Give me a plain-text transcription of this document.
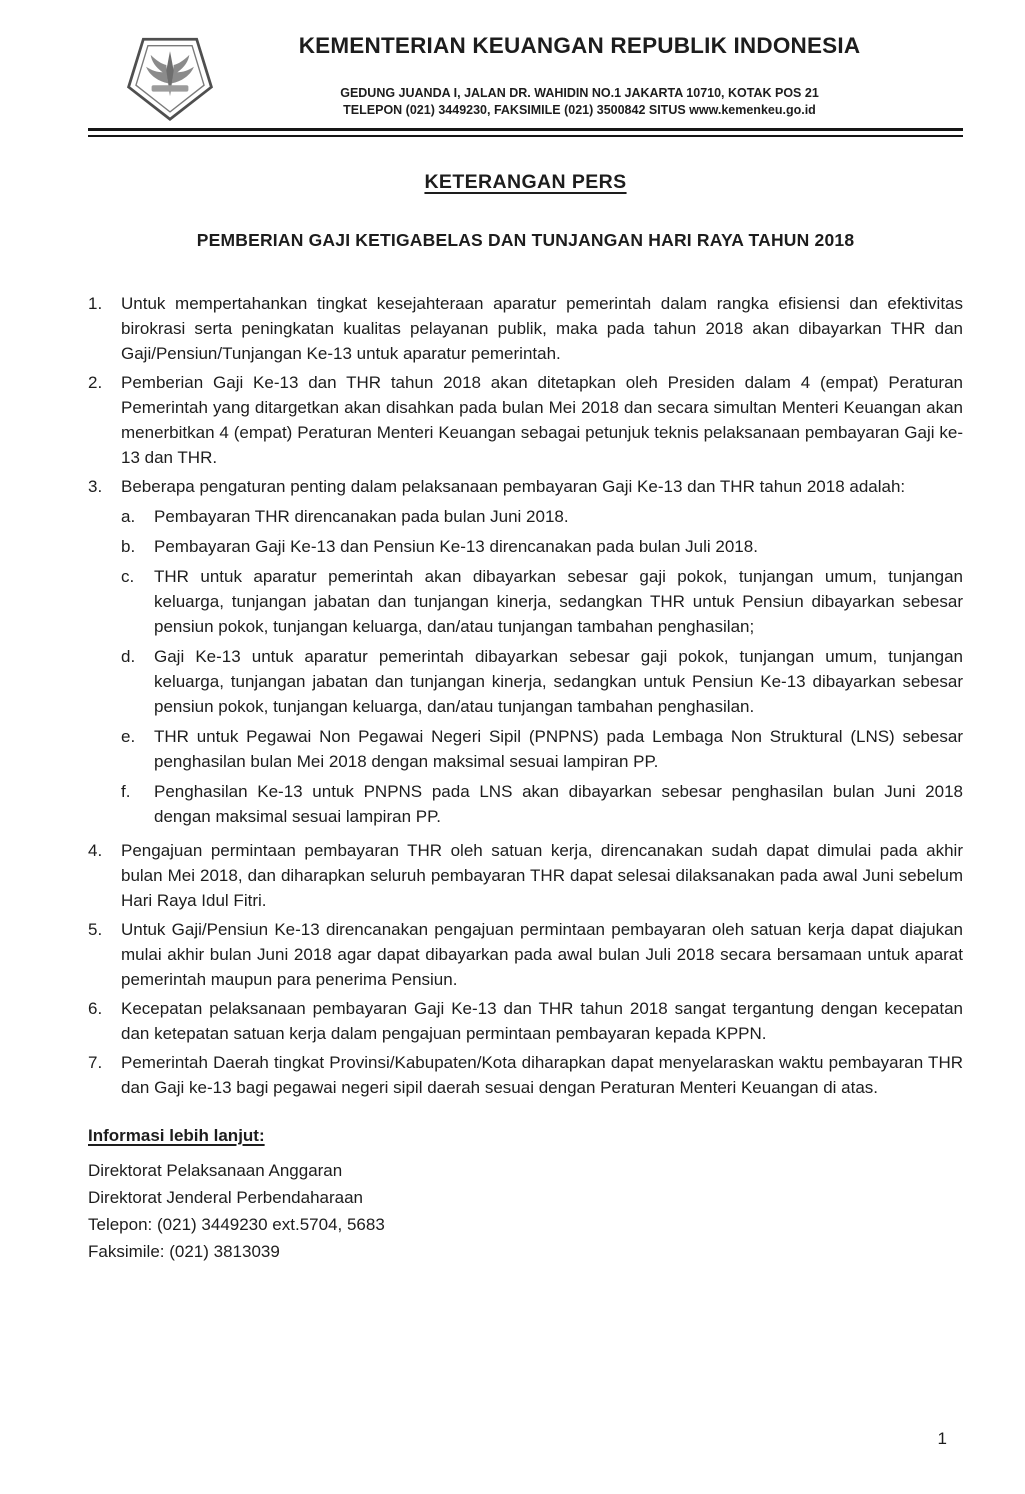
KEMENTERIAN KEUANGAN REPUBLIK INDONESIA

GEDUNG JUANDA I, JALAN DR. WAHIDIN NO.1 JAKARTA 10710, KOTAK POS 21

TELEPON (021) 3449230, FAKSIMILE (021) 3500842 SITUS www.kemenkeu.go.id

KETERANGAN PERS
PEMBERIAN GAJI KETIGABELAS DAN TUNJANGAN HARI RAYA TAHUN 2018
1.	Untuk mempertahankan tingkat kesejahteraan aparatur pemerintah dalam rangka efisiensi dan efektivitas birokrasi serta peningkatan kualitas pelayanan publik, maka pada tahun 2018 akan dibayarkan THR dan Gaji/Pensiun/Tunjangan Ke-13 untuk aparatur pemerintah.
2.	Pemberian Gaji Ke-13 dan THR tahun 2018 akan ditetapkan oleh Presiden dalam 4 (empat) Peraturan Pemerintah yang ditargetkan akan disahkan pada bulan Mei 2018 dan secara simultan Menteri Keuangan akan menerbitkan 4 (empat) Peraturan Menteri Keuangan sebagai petunjuk teknis pelaksanaan pembayaran Gaji ke-13 dan THR.
3.	Beberapa pengaturan penting dalam pelaksanaan pembayaran Gaji Ke-13 dan THR tahun 2018 adalah:
a.	Pembayaran THR direncanakan pada bulan Juni 2018.
b.	Pembayaran Gaji Ke-13 dan Pensiun Ke-13 direncanakan pada bulan Juli 2018.
c.	THR untuk aparatur pemerintah akan dibayarkan sebesar gaji pokok, tunjangan umum, tunjangan keluarga, tunjangan jabatan dan tunjangan kinerja, sedangkan THR untuk Pensiun dibayarkan sebesar pensiun pokok, tunjangan keluarga, dan/atau tunjangan tambahan penghasilan;
d.	Gaji Ke-13 untuk aparatur pemerintah dibayarkan sebesar gaji pokok, tunjangan umum, tunjangan keluarga, tunjangan jabatan dan tunjangan kinerja, sedangkan untuk Pensiun Ke-13 dibayarkan sebesar pensiun pokok, tunjangan keluarga, dan/atau tunjangan tambahan penghasilan.
e.	THR untuk Pegawai Non Pegawai Negeri Sipil (PNPNS) pada Lembaga Non Struktural (LNS) sebesar penghasilan bulan Mei 2018 dengan maksimal sesuai lampiran PP.
f.	Penghasilan Ke-13 untuk PNPNS pada LNS akan dibayarkan sebesar penghasilan bulan Juni 2018 dengan maksimal sesuai lampiran PP.
4.	Pengajuan permintaan pembayaran THR oleh satuan kerja, direncanakan sudah dapat dimulai pada akhir bulan Mei 2018, dan diharapkan seluruh pembayaran THR dapat selesai dilaksanakan pada awal Juni sebelum Hari Raya Idul Fitri.
5.	Untuk Gaji/Pensiun Ke-13 direncanakan pengajuan permintaan pembayaran oleh satuan kerja dapat diajukan mulai akhir bulan Juni 2018 agar dapat dibayarkan pada awal bulan Juli 2018 secara bersamaan untuk aparat pemerintah maupun para penerima Pensiun.
6.	Kecepatan pelaksanaan pembayaran Gaji Ke-13 dan THR tahun 2018 sangat tergantung dengan kecepatan dan ketepatan satuan kerja dalam pengajuan permintaan pembayaran kepada KPPN.
7.	Pemerintah Daerah tingkat Provinsi/Kabupaten/Kota diharapkan dapat menyelaraskan waktu pembayaran THR dan Gaji ke-13 bagi pegawai negeri sipil daerah sesuai dengan Peraturan Menteri Keuangan di atas.
Informasi lebih lanjut:

Direktorat Pelaksanaan Anggaran

Direktorat Jenderal Perbendaharaan

Telepon: (021) 3449230 ext.5704, 5683

Faksimile: (021) 3813039

1
